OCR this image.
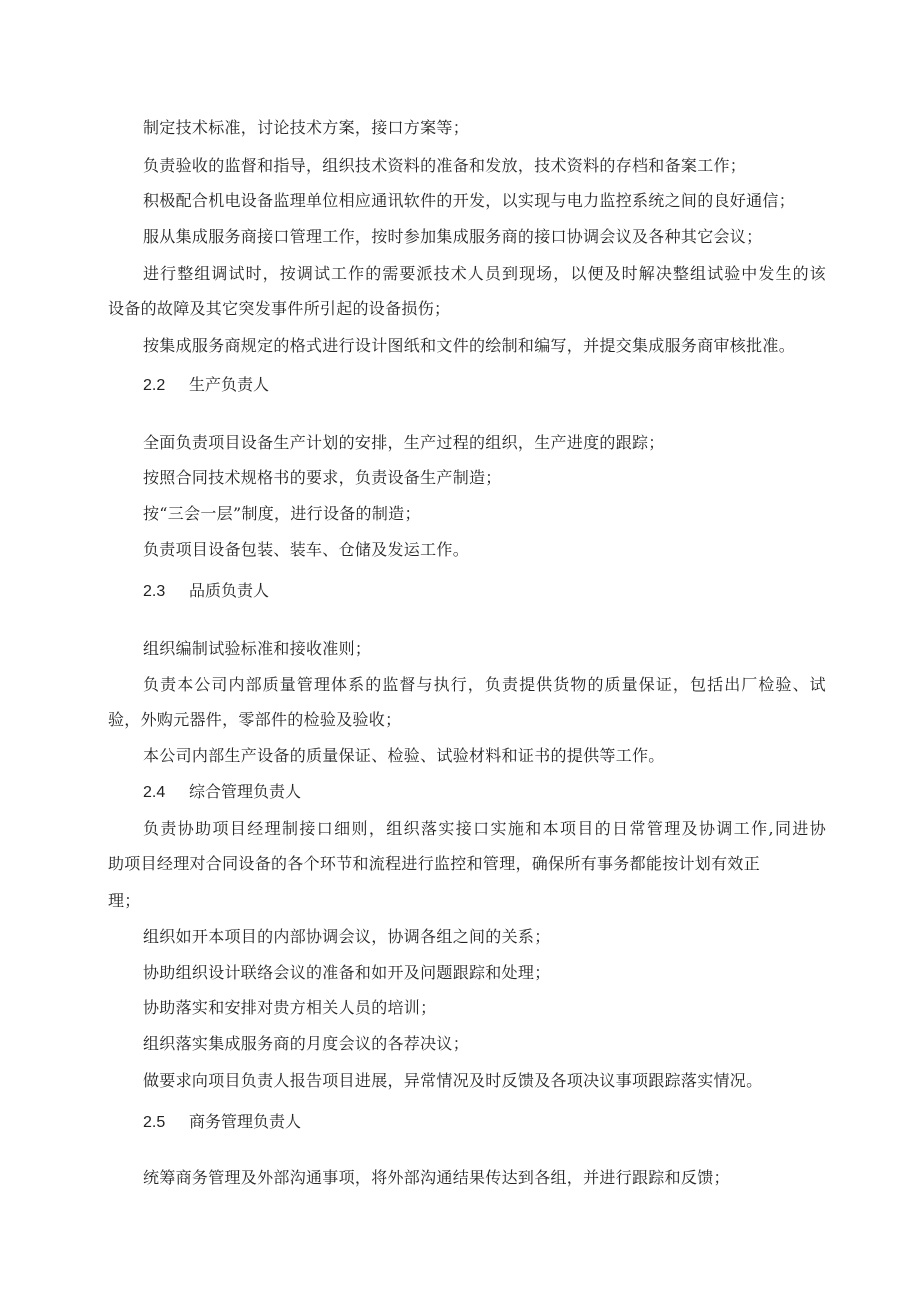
制定技术标准，讨论技术方案，接口方案等；
负责验收的监督和指导，组织技术资料的准备和发放，技术资料的存档和备案工作；
积极配合机电设备监理单位相应通讯软件的开发，以实现与电力监控系统之间的良好通信；
服从集成服务商接口管理工作，按时参加集成服务商的接口协调会议及各种其它会议；
进行整组调试时，按调试工作的需要派技术人员到现场，以便及时解决整组试验中发生的该
设备的故障及其它突发事件所引起的设备损伤；
按集成服务商规定的格式进行设计图纸和文件的绘制和编写，并提交集成服务商审核批准。
2.2 生产负责人
全面负责项目设备生产计划的安排，生产过程的组织，生产进度的跟踪；
按照合同技术规格书的要求，负责设备生产制造；
按“三会一层”制度，进行设备的制造；
负责项目设备包装、装车、仓储及发运工作。
2.3 品质负责人
组织编制试验标准和接收准则；
负责本公司内部质量管理体系的监督与执行，负责提供货物的质量保证，包括出厂检验、试
验，外购元器件，零部件的检验及验收；
本公司内部生产设备的质量保证、检验、试验材料和证书的提供等工作。
2.4 综合管理负责人
负责协助项目经理制接口细则，组织落实接口实施和本项目的日常管理及协调工作,同进协
助项目经理对合同设备的各个环节和流程进行监控和管理，确保所有事务都能按计划有效正
理；
组织如开本项目的内部协调会议，协调各组之间的关系；
协助组织设计联络会议的准备和如开及问题跟踪和处理；
协助落实和安排对贵方相关人员的培训；
组织落实集成服务商的月度会议的各荐决议；
做要求向项目负责人报告项目进展，异常情况及时反馈及各项决议事项跟踪落实情况。
2.5 商务管理负责人
统筹商务管理及外部沟通事项，将外部沟通结果传达到各组，并进行跟踪和反馈；
